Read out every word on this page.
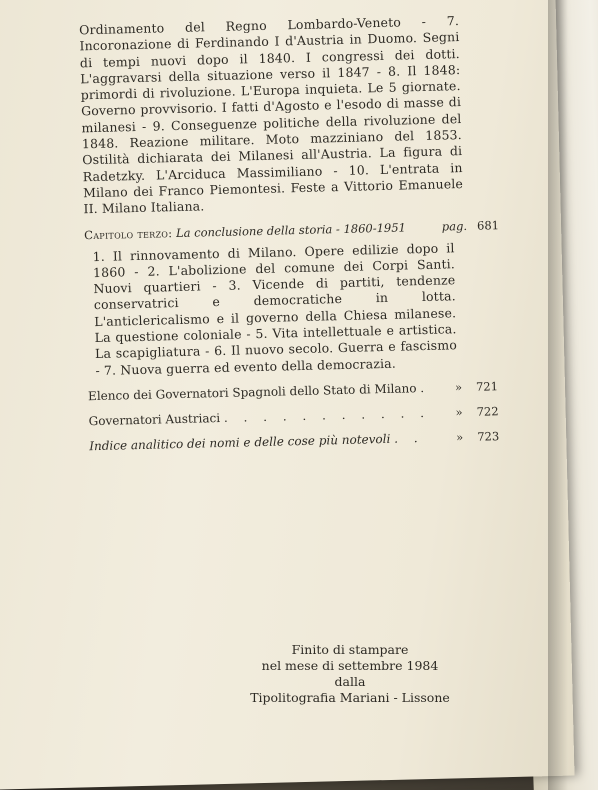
Ordinamento del Regno Lombardo-Veneto - 7. Incoronazione di Ferdinando I d'Austria in Duomo. Segni di tempi nuovi dopo il 1840. I congressi dei dotti. L'aggravarsi della situazione verso il 1847 - 8. Il 1848: primordi di rivoluzione. L'Europa inquieta. Le 5 giornate. Governo provvisorio. I fatti d'Agosto e l'esodo di masse di milanesi - 9. Conseguenze politiche della rivoluzione del 1848. Reazione militare. Moto mazziniano del 1853. Ostilità dichiarata dei Milanesi all'Austria. La figura di Radetzky. L'Arciduca Massimiliano - 10. L'entrata in Milano dei Franco Piemontesi. Feste a Vittorio Emanuele II. Milano Italiana.

Capitolo terzo: La conclusione della storia - 1860-1951	pag. 681

1. Il rinnovamento di Milano. Opere edilizie dopo il 1860 - 2. L'abolizione del comune dei Corpi Santi. Nuovi quartieri - 3. Vicende di partiti, tendenze conservatrici e democratiche in lotta. L'anticlericalismo e il governo della Chiesa milanese. La questione coloniale - 5. Vita intellettuale e artistica. La scapigliatura - 6. Il nuovo secolo. Guerra e fascismo - 7. Nuova guerra ed evento della democrazia.

Elenco dei Governatori Spagnoli dello Stato di Milano . » 721
Governatori Austriaci . . . . . . . . . . . » 722
Indice analitico dei nomi e delle cose più notevoli . .	» 723
Finito di stampare
nel mese di settembre 1984
dalla
Tipolitografia Mariani - Lissone
